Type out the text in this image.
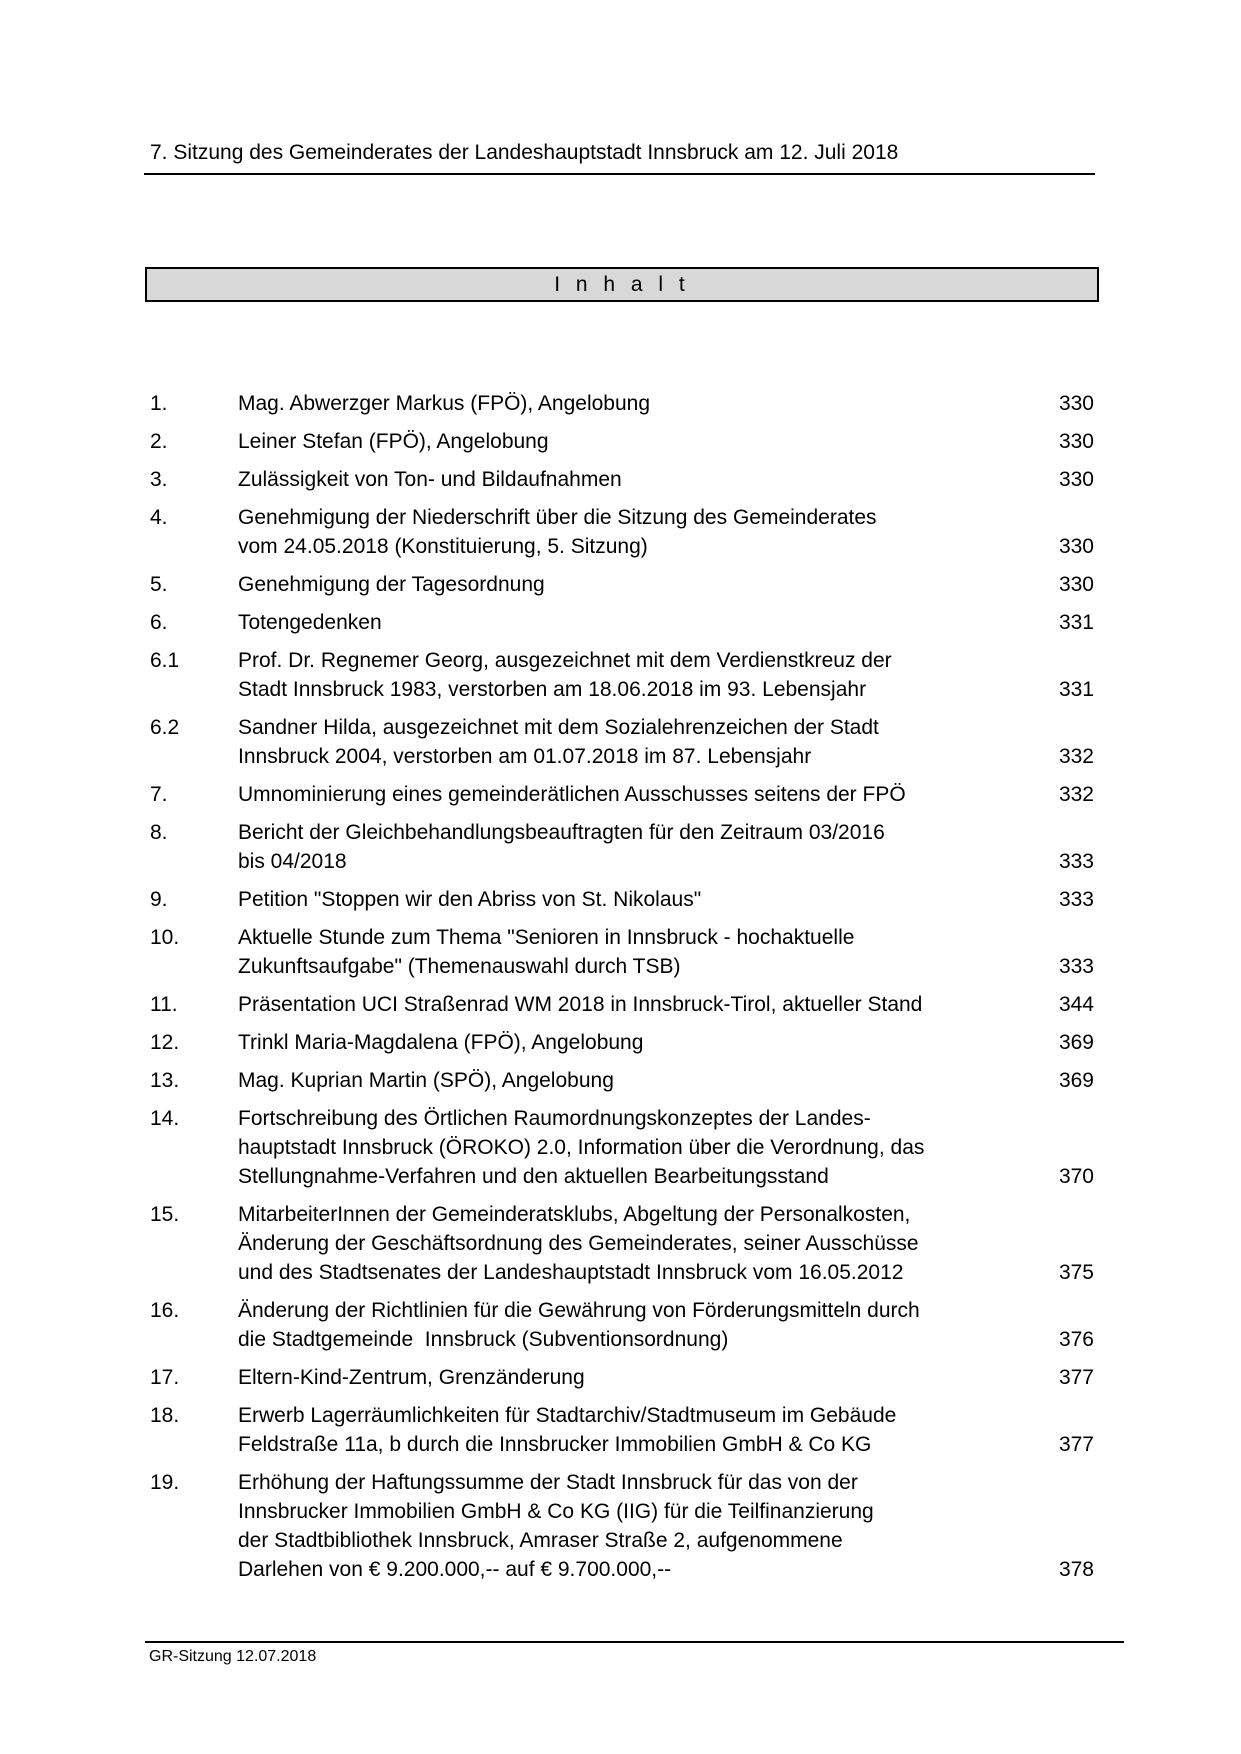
7. Sitzung des Gemeinderates der Landeshauptstadt Innsbruck am 12. Juli 2018
I n h a l t
1.	Mag. Abwerzger Markus (FPÖ), Angelobung	330
2.	Leiner Stefan (FPÖ), Angelobung	330
3.	Zulässigkeit von Ton- und Bildaufnahmen	330
4.	Genehmigung der Niederschrift über die Sitzung des Gemeinderates
vom 24.05.2018 (Konstituierung, 5. Sitzung)	330
5.	Genehmigung der Tagesordnung	330
6.	Totengedenken	331
6.1	Prof. Dr. Regnemer Georg, ausgezeichnet mit dem Verdienstkreuz der
Stadt Innsbruck 1983, verstorben am 18.06.2018 im 93. Lebensjahr	331
6.2	Sandner Hilda, ausgezeichnet mit dem Sozialehrenzeichen der Stadt
Innsbruck 2004, verstorben am 01.07.2018 im 87. Lebensjahr	332
7.	Umnominierung eines gemeinderätlichen Ausschusses seitens der FPÖ	332
8.	Bericht der Gleichbehandlungsbeauftragten für den Zeitraum 03/2016
bis 04/2018	333
9.	Petition "Stoppen wir den Abriss von St. Nikolaus"	333
10.	Aktuelle Stunde zum Thema "Senioren in Innsbruck - hochaktuelle
Zukunftsaufgabe" (Themenauswahl durch TSB)	333
11.	Präsentation UCI Straßenrad WM 2018 in Innsbruck-Tirol, aktueller Stand	344
12.	Trinkl Maria-Magdalena (FPÖ), Angelobung	369
13.	Mag. Kuprian Martin (SPÖ), Angelobung	369
14.	Fortschreibung des Örtlichen Raumordnungskonzeptes der Landes-
hauptstadt Innsbruck (ÖROKO) 2.0, Information über die Verordnung, das
Stellungnahme-Verfahren und den aktuellen Bearbeitungsstand	370
15.	MitarbeiterInnen der Gemeinderatsklubs, Abgeltung der Personalkosten,
Änderung der Geschäftsordnung des Gemeinderates, seiner Ausschüsse
und des Stadtsenates der Landeshauptstadt Innsbruck vom 16.05.2012	375
16.	Änderung der Richtlinien für die Gewährung von Förderungsmitteln durch
die Stadtgemeinde  Innsbruck (Subventionsordnung)	376
17.	Eltern-Kind-Zentrum, Grenzänderung	377
18.	Erwerb Lagerräumlichkeiten für Stadtarchiv/Stadtmuseum im Gebäude
Feldstraße 11a, b durch die Innsbrucker Immobilien GmbH & Co KG	377
19.	Erhöhung der Haftungssumme der Stadt Innsbruck für das von der
Innsbrucker Immobilien GmbH & Co KG (IIG) für die Teilfinanzierung
der Stadtbibliothek Innsbruck, Amraser Straße 2, aufgenommene
Darlehen von € 9.200.000,-- auf € 9.700.000,--	378
GR-Sitzung 12.07.2018
